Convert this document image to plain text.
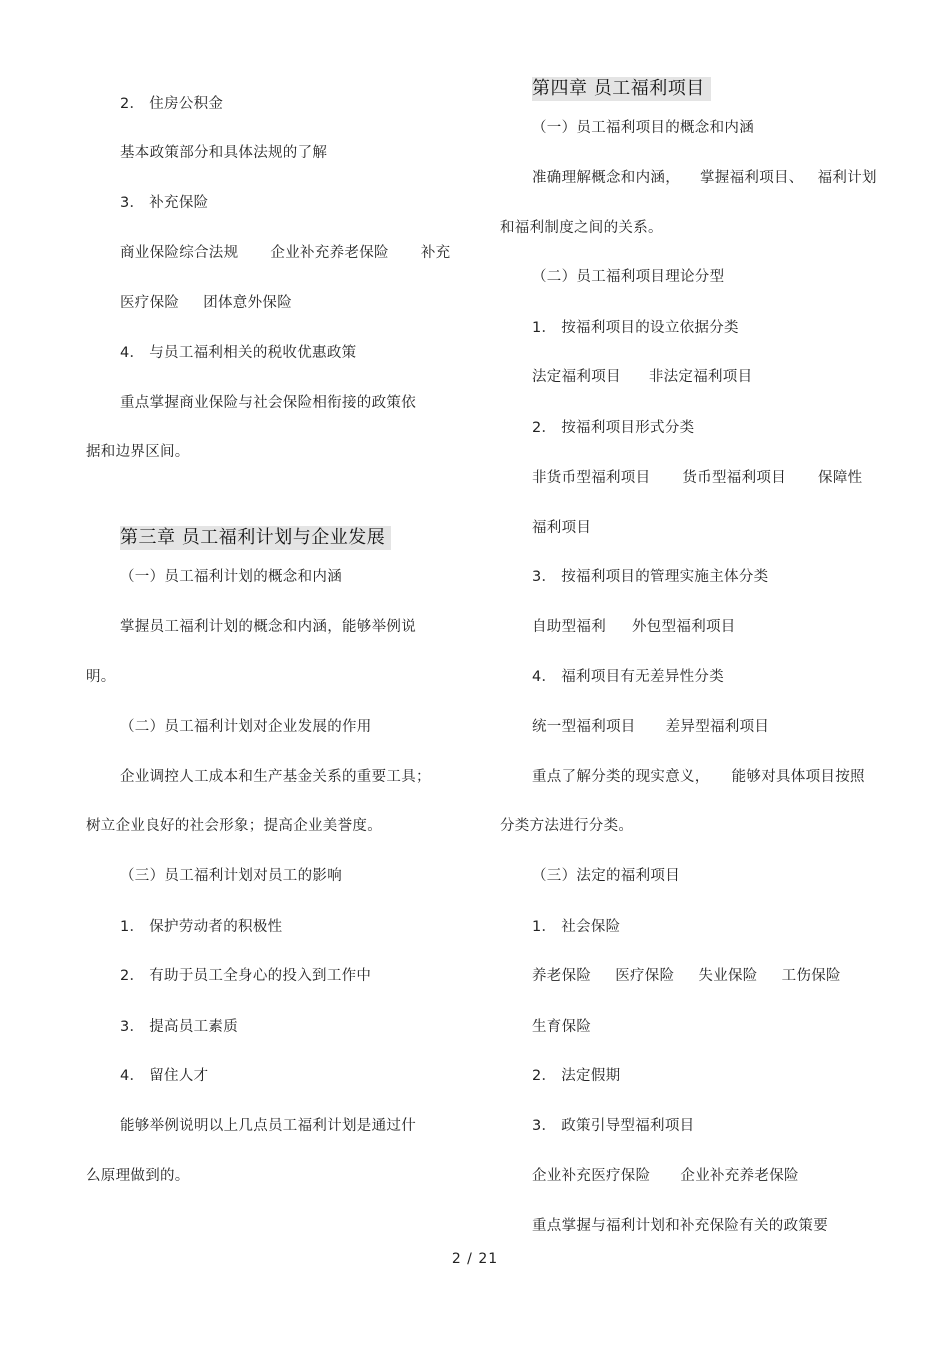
2． 住房公积金
基本政策部分和具体法规的了解
3． 补充保险
商业保险综合法规 企业补充养老保险 补充
医疗保险 团体意外保险
4． 与员工福利相关的税收优惠政策
重点掌握商业保险与社会保险相衔接的政策依
据和边界区间。
第三章 员工福利计划与企业发展
（一）员工福利计划的概念和内涵
掌握员工福利计划的概念和内涵，能够举例说
明。
（二）员工福利计划对企业发展的作用
企业调控人工成本和生产基金关系的重要工具；
树立企业良好的社会形象；提高企业美誉度。
（三）员工福利计划对员工的影响
1． 保护劳动者的积极性
2． 有助于员工全身心的投入到工作中
3． 提高员工素质
4． 留住人才
能够举例说明以上几点员工福利计划是通过什
么原理做到的。
第四章 员工福利项目
（一）员工福利项目的概念和内涵
准确理解概念和内涵， 掌握福利项目、 福利计划
和福利制度之间的关系。
（二）员工福利项目理论分型
1． 按福利项目的设立依据分类
法定福利项目 非法定福利项目
2． 按福利项目形式分类
非货币型福利项目 货币型福利项目 保障性
福利项目
3． 按福利项目的管理实施主体分类
自助型福利 外包型福利项目
4． 福利项目有无差异性分类
统一型福利项目 差异型福利项目
重点了解分类的现实意义， 能够对具体项目按照
分类方法进行分类。
（三）法定的福利项目
1． 社会保险
养老保险 医疗保险 失业保险 工伤保险
生育保险
2． 法定假期
3． 政策引导型福利项目
企业补充医疗保险 企业补充养老保险
重点掌握与福利计划和补充保险有关的政策要
2 / 21
